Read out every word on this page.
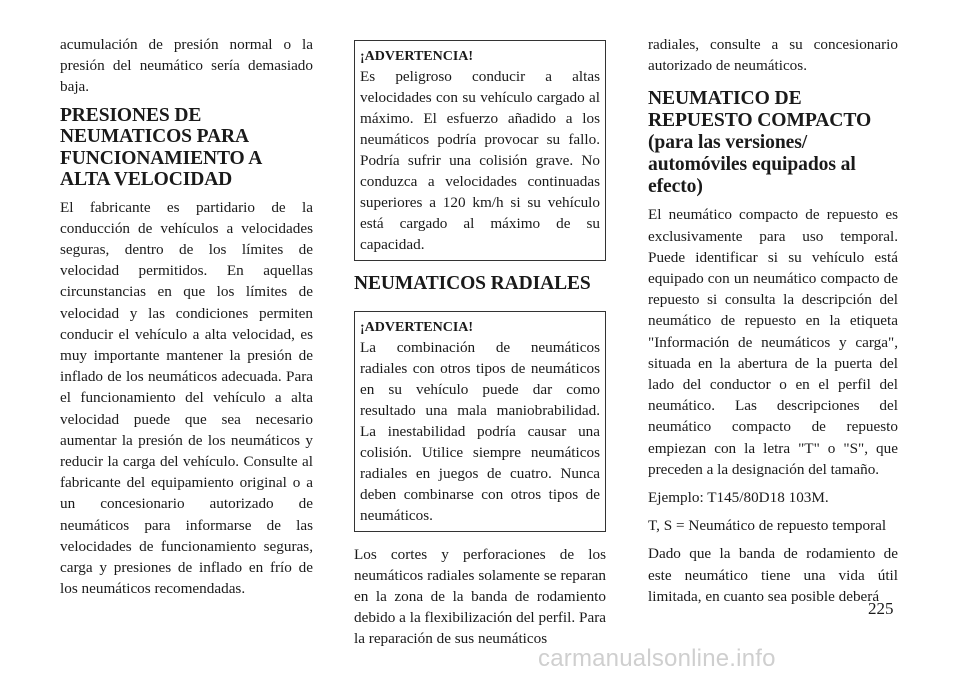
acumulación de presión normal o la presión del neumático sería demasiado baja.

PRESIONES DE NEUMATICOS PARA FUNCIONAMIENTO A ALTA VELOCIDAD

El fabricante es partidario de la conducción de vehículos a velocidades seguras, dentro de los límites de velocidad permitidos. En aquellas circunstancias en que los límites de velocidad y las condiciones permiten conducir el vehículo a alta velocidad, es muy importante mantener la presión de inflado de los neumáticos adecuada. Para el funcionamiento del vehículo a alta velocidad puede que sea necesario aumentar la presión de los neumáticos y reducir la carga del vehículo. Consulte al fabricante del equipamiento original o a un concesionario autorizado de neumáticos para informarse de las velocidades de funcionamiento seguras, carga y presiones de inflado en frío de los neumáticos recomendadas.

¡ADVERTENCIA!

Es peligroso conducir a altas velocidades con su vehículo cargado al máximo. El esfuerzo añadido a los neumáticos podría provocar su fallo. Podría sufrir una colisión grave. No conduzca a velocidades continuadas superiores a 120 km/h si su vehículo está cargado al máximo de su capacidad.

NEUMATICOS RADIALES
¡ADVERTENCIA!

La combinación de neumáticos radiales con otros tipos de neumáticos en su vehículo puede dar como resultado una mala maniobrabilidad. La inestabilidad podría causar una colisión. Utilice siempre neumáticos radiales en juegos de cuatro. Nunca deben combinarse con otros tipos de neumáticos.

Los cortes y perforaciones de los neumáticos radiales solamente se reparan en la zona de la banda de rodamiento debido a la flexibilización del perfil. Para la reparación de sus neumáticos

radiales, consulte a su concesionario autorizado de neumáticos.

NEUMATICO DE REPUESTO COMPACTO (para las versiones/ automóviles equipados al efecto)

El neumático compacto de repuesto es exclusivamente para uso temporal. Puede identificar si su vehículo está equipado con un neumático compacto de repuesto si consulta la descripción del neumático de repuesto en la etiqueta "Información de neumáticos y carga", situada en la abertura de la puerta del lado del conductor o en el perfil del neumático. Las descripciones del neumático compacto de repuesto empiezan con la letra "T" o "S", que preceden a la designación del tamaño.

Ejemplo: T145/80D18 103M.

T, S = Neumático de repuesto temporal

Dado que la banda de rodamiento de este neumático tiene una vida útil limitada, en cuanto sea posible deberá

225
carmanualsonline.info
